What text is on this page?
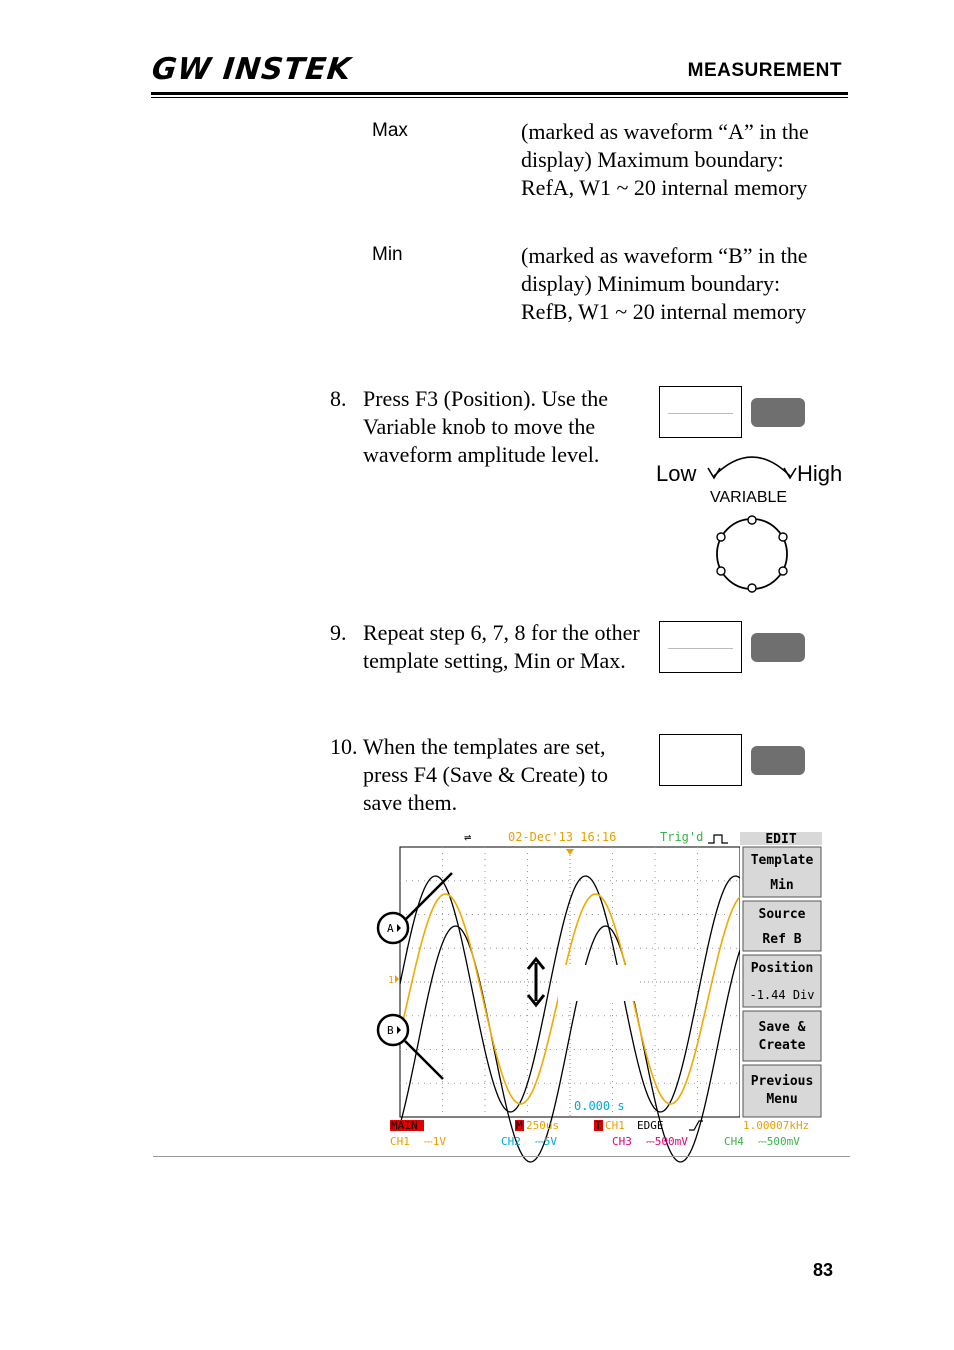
GW INSTEK	MEASUREMENT
Max	(marked as waveform “A” in the display) Maximum boundary: RefA, W1 ~ 20 internal memory
Min	(marked as waveform “B” in the display) Minimum boundary: RefB, W1 ~ 20 internal memory
8. Press F3 (Position). Use the Variable knob to move the waveform amplitude level.
Low	High
VARIABLE
9. Repeat step 6, 7, 8 for the other template setting, Min or Max.
10. When the templates are set, press F4 (Save & Create) to save them.
⇌	02-Dec'13 16:16	Trig'd
1
A
B
0.000 s
EDIT
Template
Min
Source
Ref B
Position
-1.44 Div
Save &
Create
Previous
Menu
MAIN	M 250us	T CH1 EDGE	1.00007kHz
CH1 ⎓1V	CH2 ⎓5V	CH3 ⎓500mV	CH4 ⎓500mV
83
